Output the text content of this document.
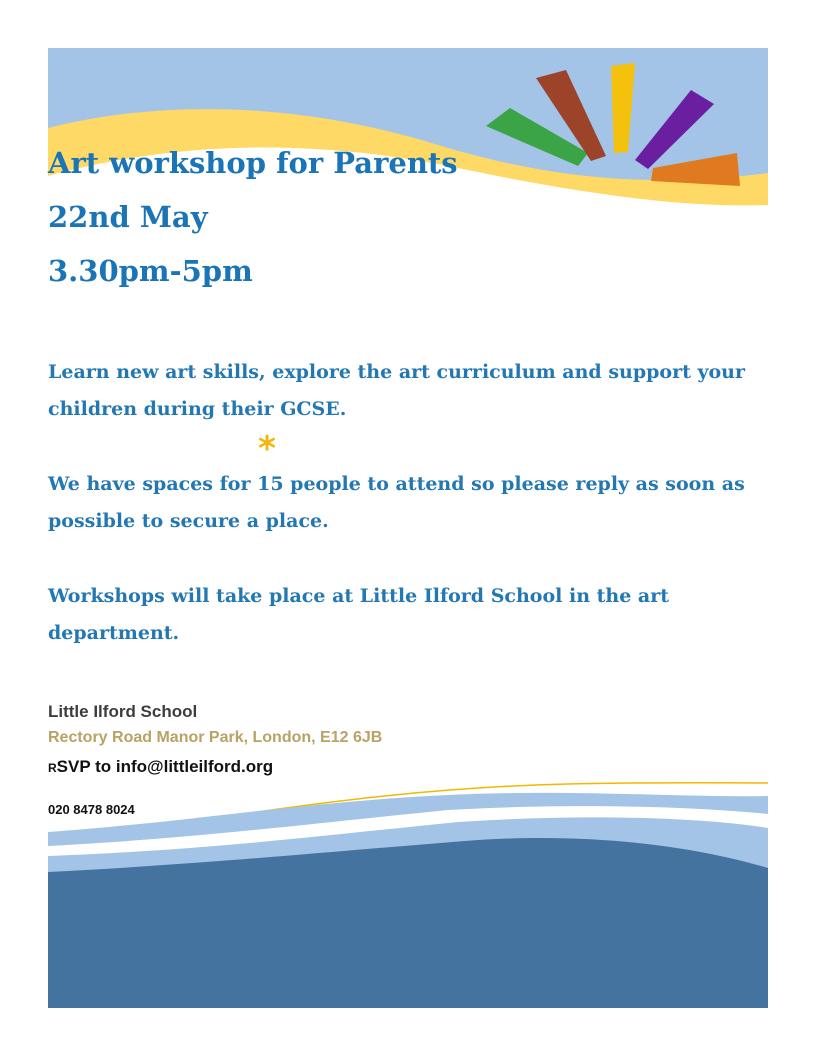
Art workshop for Parents
22nd May
3.30pm-5pm

Learn new art skills, explore the art curriculum and support your children during their GCSE.

We have spaces for 15
*
people to attend so please reply as soon as possible to secure a place.

Workshops will take place at Little Ilford School in the art department.

Little Ilford School
Rectory Road Manor Park, London, E12 6JB
RSVP to info@littleilford.org
020 8478 8024
